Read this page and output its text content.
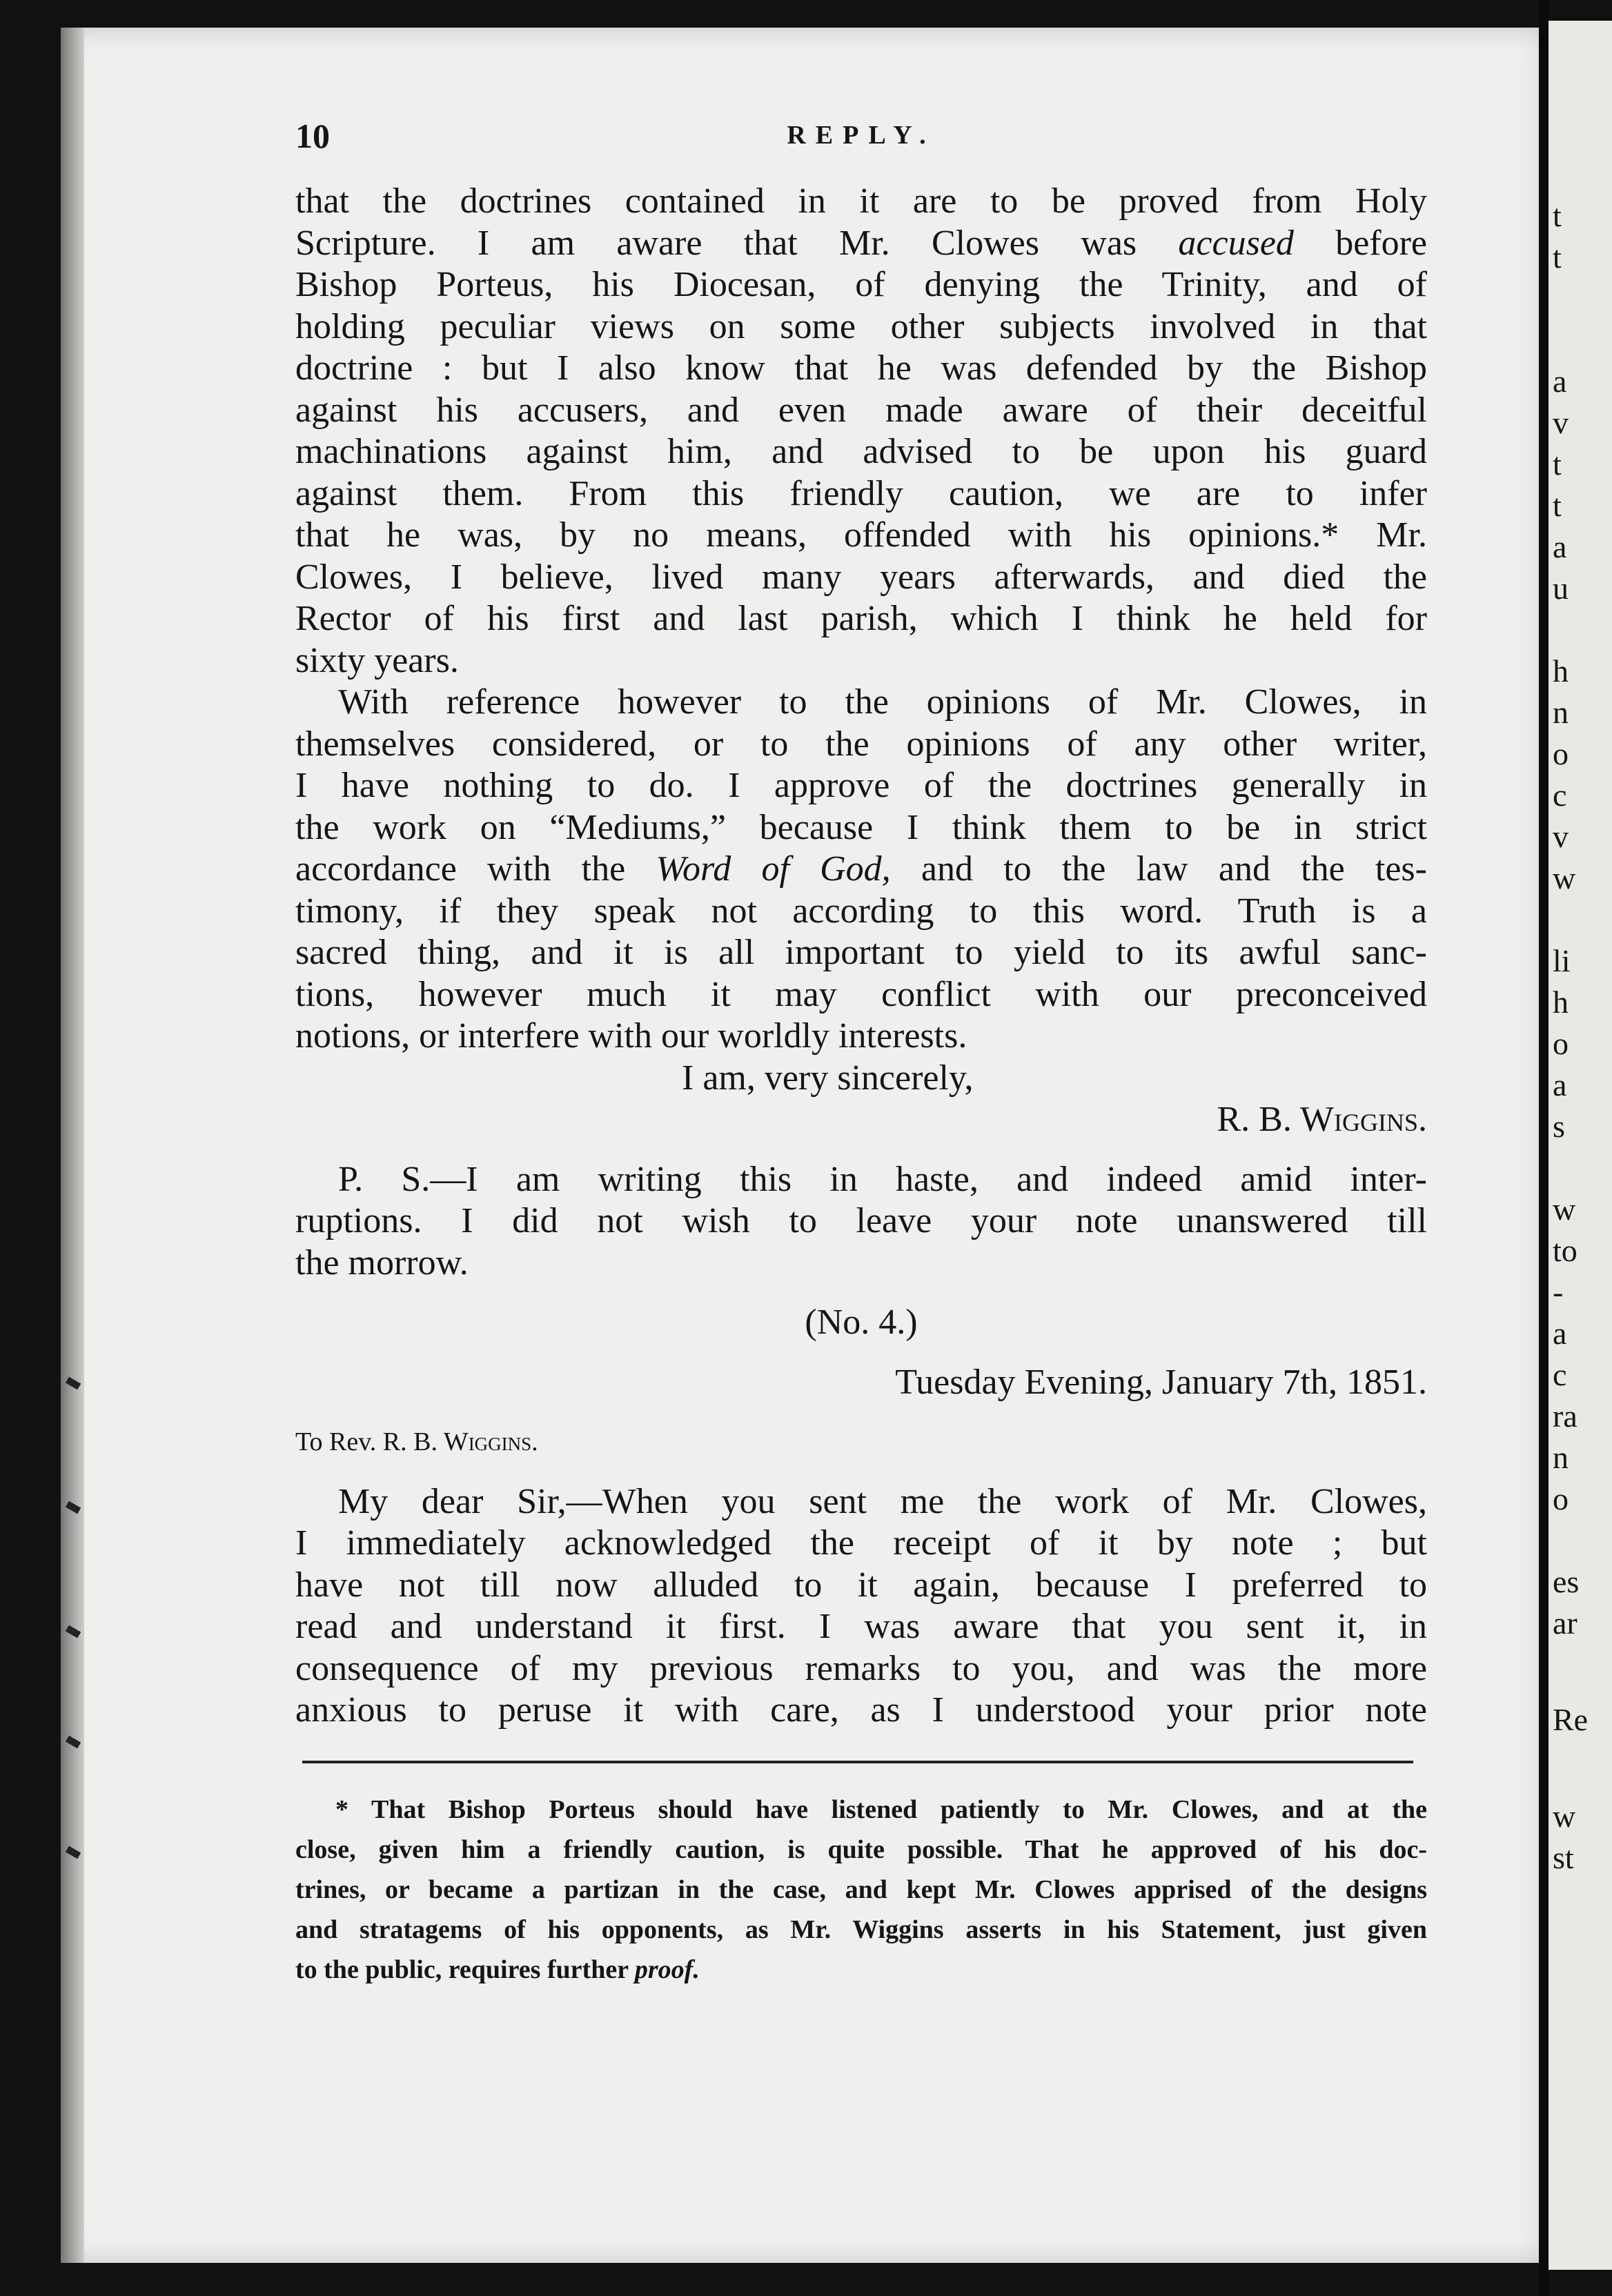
t
t
a
v
t
t
a
u
h
n
o
c
v
w
li
h
o
a
s
w
to
-
a
c
ra
n
o
es
ar
Re
w
st
10	REPLY.
that the doctrines contained in it are to be proved from Holy
Scripture. I am aware that Mr. Clowes was accused before
Bishop Porteus, his Diocesan, of denying the Trinity, and of
holding peculiar views on some other subjects involved in that
doctrine : but I also know that he was defended by the Bishop
against his accusers, and even made aware of their deceitful
machinations against him, and advised to be upon his guard
against them. From this friendly caution, we are to infer
that he was, by no means, offended with his opinions.* Mr.
Clowes, I believe, lived many years afterwards, and died the
Rector of his first and last parish, which I think he held for
sixty years.
With reference however to the opinions of Mr. Clowes, in
themselves considered, or to the opinions of any other writer,
I have nothing to do. I approve of the doctrines generally in
the work on “Mediums,” because I think them to be in strict
accordance with the Word of God, and to the law and the tes-
timony, if they speak not according to this word. Truth is a
sacred thing, and it is all important to yield to its awful sanc-
tions, however much it may conflict with our preconceived
notions, or interfere with our worldly interests.
I am, very sincerely,
R. B. Wiggins.
P. S.—I am writing this in haste, and indeed amid inter-
ruptions. I did not wish to leave your note unanswered till
the morrow.
(No. 4.)
Tuesday Evening, January 7th, 1851.
To Rev. R. B. Wiggins.
My dear Sir,—When you sent me the work of Mr. Clowes,
I immediately acknowledged the receipt of it by note ; but
have not till now alluded to it again, because I preferred to
read and understand it first. I was aware that you sent it, in
consequence of my previous remarks to you, and was the more
anxious to peruse it with care, as I understood your prior note
* That Bishop Porteus should have listened patiently to Mr. Clowes, and at the
close, given him a friendly caution, is quite possible. That he approved of his doc-
trines, or became a partizan in the case, and kept Mr. Clowes apprised of the designs
and stratagems of his opponents, as Mr. Wiggins asserts in his Statement, just given
to the public, requires further proof.
